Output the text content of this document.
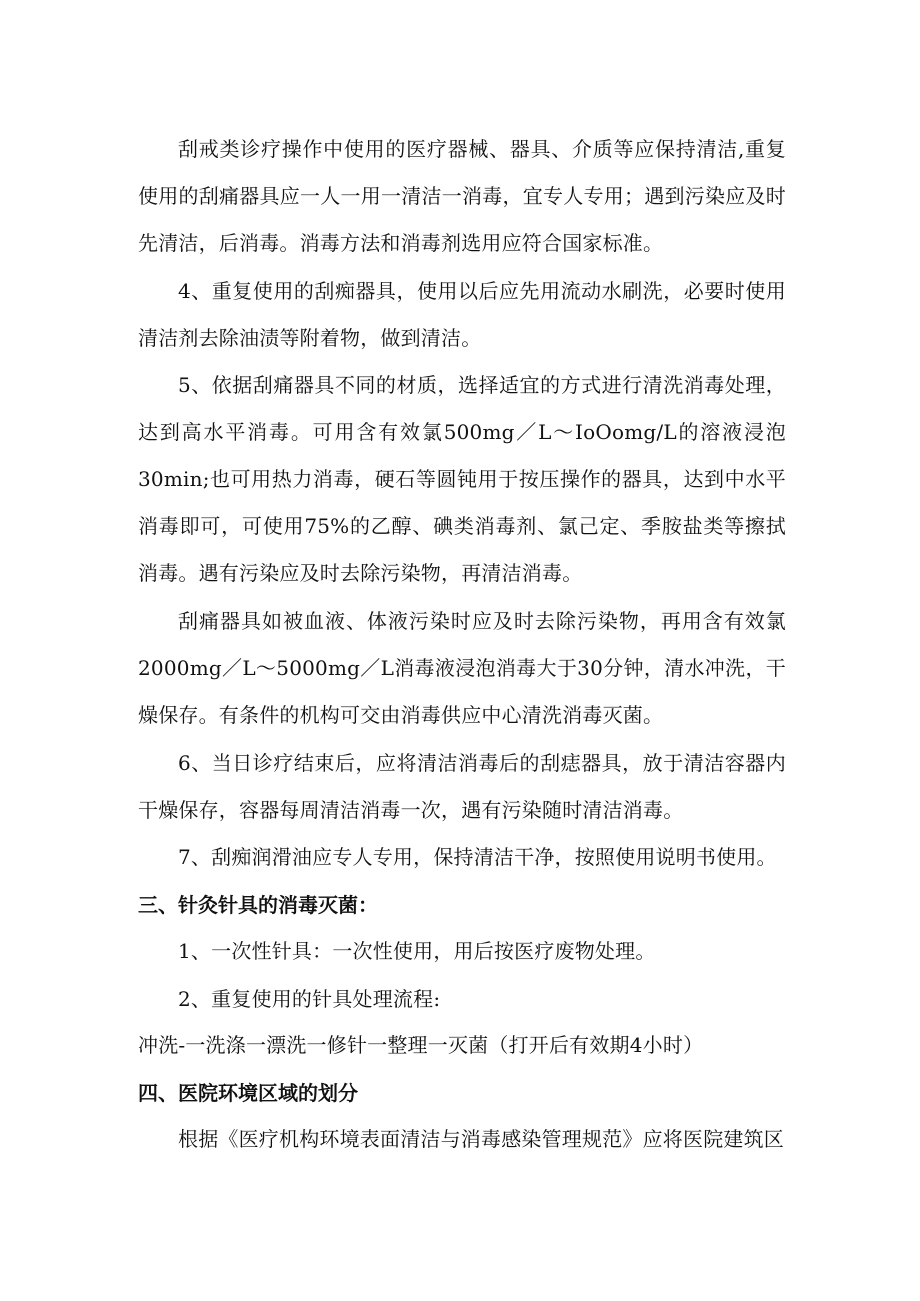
刮戒类诊疗操作中使用的医疗器械、器具、介质等应保持清洁,重复使用的刮痛器具应一人一用一清洁一消毒，宜专人专用；遇到污染应及时先清洁，后消毒。消毒方法和消毒剂选用应符合国家标准。

4、重复使用的刮痴器具，使用以后应先用流动水刷洗，必要时使用清洁剂去除油渍等附着物，做到清洁。

5、依据刮痛器具不同的材质，选择适宜的方式进行清洗消毒处理，达到高水平消毒。可用含有效氯500mg／L～IoOomg/L的溶液浸泡30min;也可用热力消毒，硬石等圆钝用于按压操作的器具，达到中水平消毒即可，可使用75%的乙醇、碘类消毒剂、氯己定、季胺盐类等擦拭消毒。遇有污染应及时去除污染物，再清洁消毒。

刮痛器具如被血液、体液污染时应及时去除污染物，再用含有效氯2000mg／L～5000mg／L消毒液浸泡消毒大于30分钟，清水冲洗，干燥保存。有条件的机构可交由消毒供应中心清洗消毒灭菌。

6、当日诊疗结束后，应将清洁消毒后的刮痣器具，放于清洁容器内干燥保存，容器每周清洁消毒一次，遇有污染随时清洁消毒。

7、刮痴润滑油应专人专用，保持清洁干净，按照使用说明书使用。

三、针灸针具的消毒灭菌：

1、一次性针具：一次性使用，用后按医疗废物处理。

2、重复使用的针具处理流程:

冲洗-一洗涤一漂洗一修针一整理一灭菌（打开后有效期4小时）

四、医院环境区域的划分

根据《医疗机构环境表面清洁与消毒感染管理规范》应将医院建筑区
